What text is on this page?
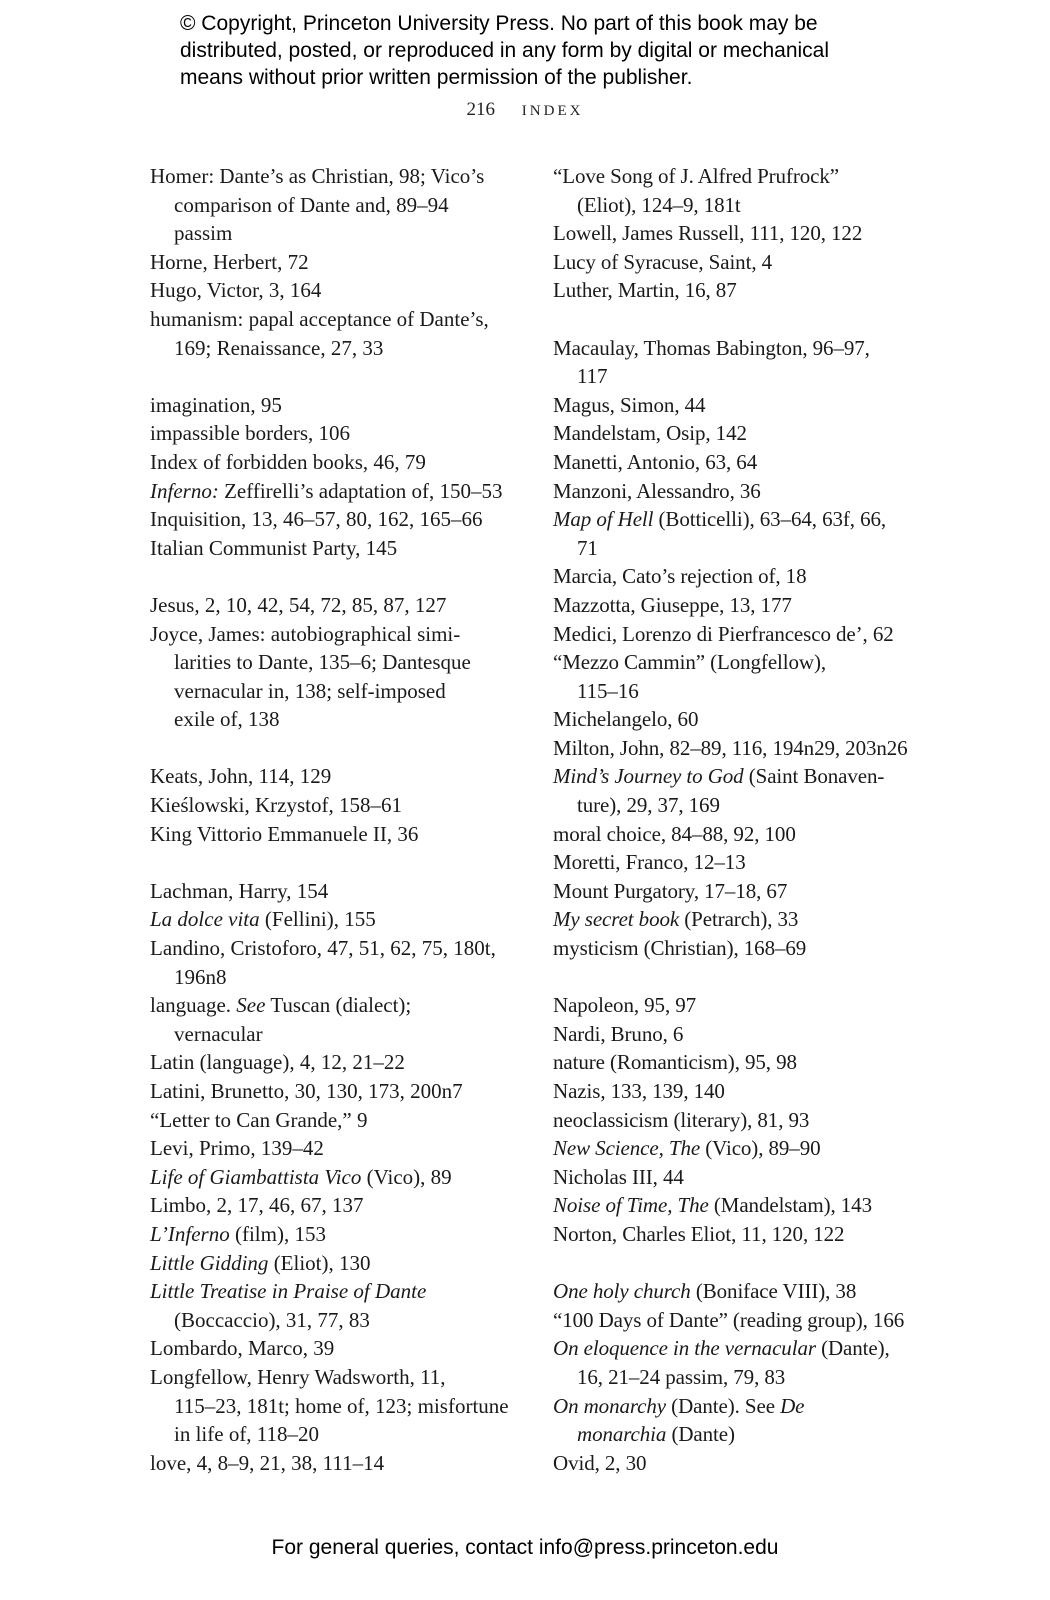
© Copyright, Princeton University Press. No part of this book may be
distributed, posted, or reproduced in any form by digital or mechanical
means without prior written permission of the publisher.
216 index
Homer: Dante’s as Christian, 98; Vico’s
comparison of Dante and, 89–94
passim
Horne, Herbert, 72
Hugo, Victor, 3, 164
humanism: papal acceptance of Dante’s,
169; Renaissance, 27, 33
imagination, 95
impassible borders, 106
Index of forbidden books, 46, 79
Inferno: Zeffirelli’s adaptation of, 150–53
Inquisition, 13, 46–57, 80, 162, 165–66
Italian Communist Party, 145
Jesus, 2, 10, 42, 54, 72, 85, 87, 127
Joyce, James: autobiographical simi-
larities to Dante, 135–6; Dantesque
vernacular in, 138; self-imposed
exile of, 138
Keats, John, 114, 129
Kieślowski, Krzystof, 158–61
King Vittorio Emmanuele II, 36
Lachman, Harry, 154
La dolce vita (Fellini), 155
Landino, Cristoforo, 47, 51, 62, 75, 180t,
196n8
language. See Tuscan (dialect);
vernacular
Latin (language), 4, 12, 21–22
Latini, Brunetto, 30, 130, 173, 200n7
“Letter to Can Grande,” 9
Levi, Primo, 139–42
Life of Giambattista Vico (Vico), 89
Limbo, 2, 17, 46, 67, 137
L’Inferno (film), 153
Little Gidding (Eliot), 130
Little Treatise in Praise of Dante
(Boccaccio), 31, 77, 83
Lombardo, Marco, 39
Longfellow, Henry Wadsworth, 11,
115–23, 181t; home of, 123; misfortune
in life of, 118–20
love, 4, 8–9, 21, 38, 111–14
“Love Song of J. Alfred Prufrock”
(Eliot), 124–9, 181t
Lowell, James Russell, 111, 120, 122
Lucy of Syracuse, Saint, 4
Luther, Martin, 16, 87
Macaulay, Thomas Babington, 96–97,
117
Magus, Simon, 44
Mandelstam, Osip, 142
Manetti, Antonio, 63, 64
Manzoni, Alessandro, 36
Map of Hell (Botticelli), 63–64, 63f, 66,
71
Marcia, Cato’s rejection of, 18
Mazzotta, Giuseppe, 13, 177
Medici, Lorenzo di Pierfrancesco de’, 62
“Mezzo Cammin” (Longfellow),
115–16
Michelangelo, 60
Milton, John, 82–89, 116, 194n29, 203n26
Mind’s Journey to God (Saint Bonaven-
ture), 29, 37, 169
moral choice, 84–88, 92, 100
Moretti, Franco, 12–13
Mount Purgatory, 17–18, 67
My secret book (Petrarch), 33
mysticism (Christian), 168–69
Napoleon, 95, 97
Nardi, Bruno, 6
nature (Romanticism), 95, 98
Nazis, 133, 139, 140
neoclassicism (literary), 81, 93
New Science, The (Vico), 89–90
Nicholas III, 44
Noise of Time, The (Mandelstam), 143
Norton, Charles Eliot, 11, 120, 122
One holy church (Boniface VIII), 38
“100 Days of Dante” (reading group), 166
On eloquence in the vernacular (Dante),
16, 21–24 passim, 79, 83
On monarchy (Dante). See De
monarchia (Dante)
Ovid, 2, 30
For general queries, contact info@press.princeton.edu
